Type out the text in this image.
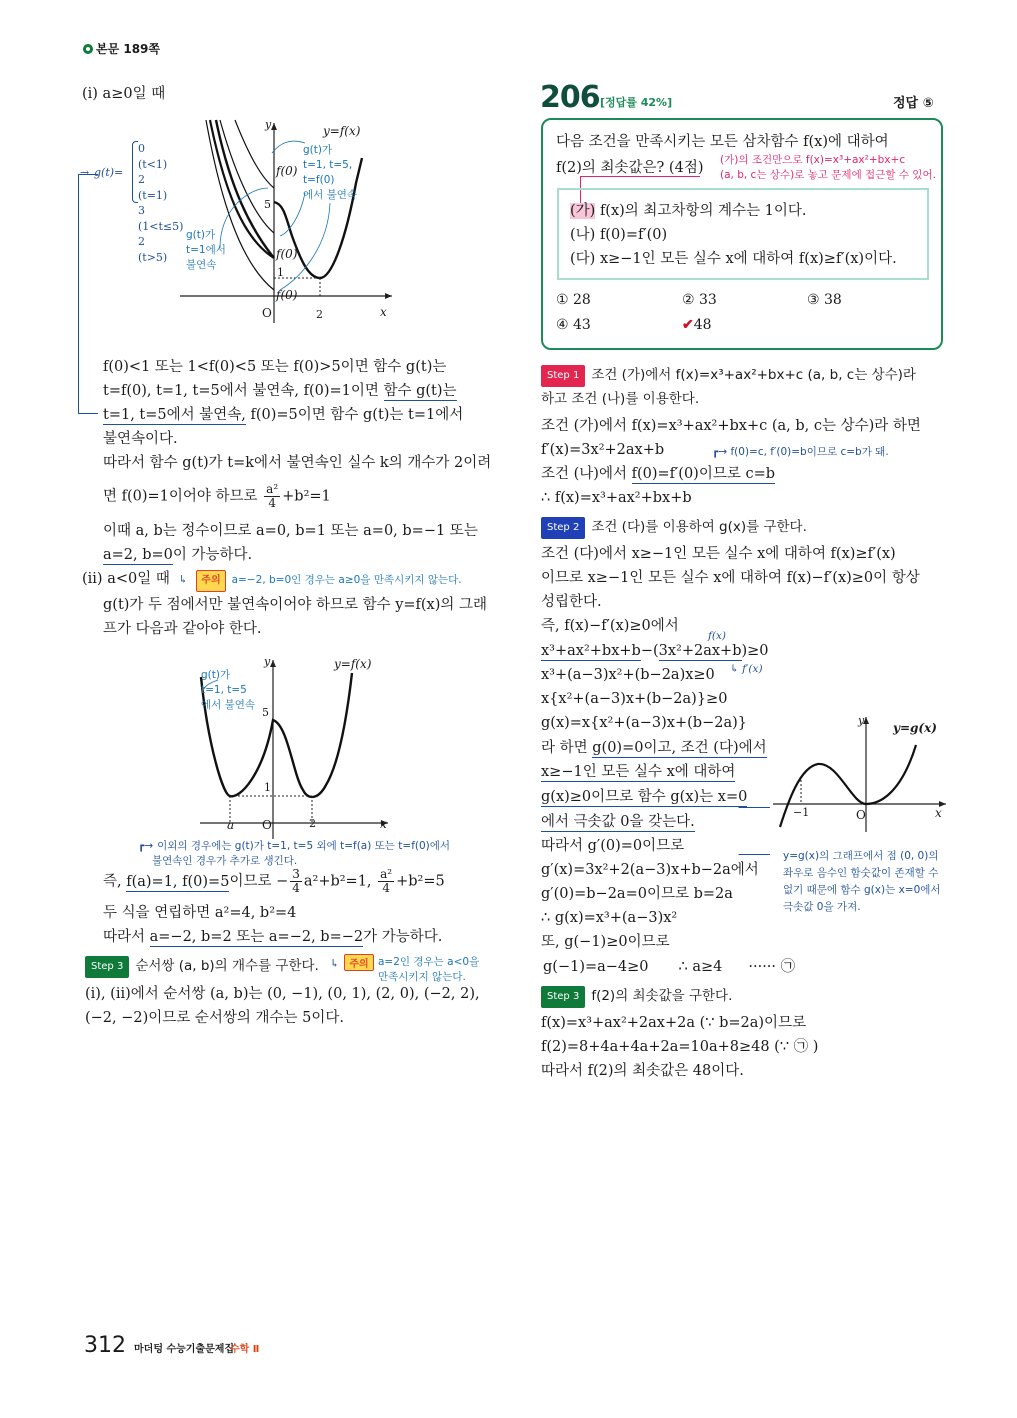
본문 189쪽
(i) a≥0일 때
y	y=f(x)
x
O	2
5
1
f(0)
f(0)
f(0)
g(t)가
t=1, t=5,
t=f(0)
에서 불연속
g(t)가
t=1에서
불연속
→ g(t)=
0(t<1)
2(t=1)
3(1<t≤5)
2(t>5)
f(0)<1 또는 1<f(0)<5 또는 f(0)>5이면 함수 g(t)는
t=f(0), t=1, t=5에서 불연속, f(0)=1이면 함수 g(t)는
t=1, t=5에서 불연속, f(0)=5이면 함수 g(t)는 t=1에서
불연속이다.
따라서 함수 g(t)가 t=k에서 불연속인 실수 k의 개수가 2이려
면 f(0)=1이어야 하므로 $\frac{\text{a²}}{4} +b^2=1$
이때 a, b는 정수이므로 a=0, b=1 또는 a=0, b=−1 또는
a=2, b=0이 가능하다.
(ii) a<0일 때 ↳ 주의 a=−2, b=0인 경우는 a≥0을 만족시키지 않는다.
g(t)가 두 점에서만 불연속이어야 하므로 함수 y=f(x)의 그래
프가 다음과 같아야 한다.
y	y=f(x)
x
O
a	2
5
1
g(t)가
t=1, t=5
에서 불연속
┏→ 이외의 경우에는 g(t)가 t=1, t=5 외에 t=f(a) 또는 t=f(0)에서
불연속인 경우가 추가로 생긴다.
즉, f(a)=1, f(0)=5이므로 − $\frac{3}{4} a^2+b^2=1$, $\frac{\text{a²}}{4} +b^2=5$
두 식을 연립하면 a²=4, b²=4
따라서 a=−2, b=2 또는 a=−2, b=−2가 가능하다.
Step 3 순서쌍 (a, b)의 개수를 구한다. ↳ 주의 a=2인 경우는 a<0을
만족시키지 않는다.
(i), (ii)에서 순서쌍 (a, b)는 (0, −1), (0, 1), (2, 0), (−2, 2),
(−2, −2)이므로 순서쌍의 개수는 5이다.
206 [정답률 42%]	정답 ⑤
다음 조건을 만족시키는 모든 삼차함수 f(x)에 대하여
f(2)의 최솟값은? (4점) (가)의 조건만으로 f(x)=x³+ax²+bx+c
(a, b, c는 상수)로 놓고 문제에 접근할 수 있어.
(가) f(x)의 최고차항의 계수는 1이다.
(나) f(0)=f′(0)
(다) x≥−1인 모든 실수 x에 대하여 f(x)≥f′(x)이다.
① 28	② 33	③ 38
④ 43	✔48
Step 1 조건 (가)에서 f(x)=x³+ax²+bx+c (a, b, c는 상수)라
하고 조건 (나)를 이용한다.
조건 (가)에서 f(x)=x³+ax²+bx+c (a, b, c는 상수)라 하면
f′(x)=3x²+2ax+b	┏→ f(0)=c, f′(0)=b이므로 c=b가 돼.
조건 (나)에서 f(0)=f′(0)이므로 c=b
∴ f(x)=x³+ax²+bx+b
Step 2 조건 (다)를 이용하여 g(x)를 구한다.
조건 (다)에서 x≥−1인 모든 실수 x에 대하여 f(x)≥f′(x)
이므로 x≥−1인 모든 실수 x에 대하여 f(x)−f′(x)≥0이 항상
성립한다.
즉, f(x)−f′(x)≥0에서
f(x)
x³+ax²+bx+b−(3x²+2ax+b)≥0
x³+(a−3)x²+(b−2a)x≥0 ↳ f′(x)
x{x²+(a−3)x+(b−2a)}≥0
g(x)=x{x²+(a−3)x+(b−2a)}
라 하면 g(0)=0이고, 조건 (다)에서
x≥−1인 모든 실수 x에 대하여
g(x)≥0이므로 함수 g(x)는 x=0
에서 극솟값 0을 갖는다.
따라서 g′(0)=0이므로
g′(x)=3x²+2(a−3)x+b−2a에서
g′(0)=b−2a=0이므로 b=2a
∴ g(x)=x³+(a−3)x²
또, g(−1)≥0이므로
g(−1)=a−4≥0 ∴ a≥4 ······ ㉠
y
y=g(x)
x
O
−1
y=g(x)의 그래프에서 점 (0, 0)의
좌우로 음수인 함숫값이 존재할 수
없기 때문에 함수 g(x)는 x=0에서
극솟값 0을 가져.
Step 3 f(2)의 최솟값을 구한다.
f(x)=x³+ax²+2ax+2a (∵ b=2a)이므로
f(2)=8+4a+4a+2a=10a+8≥48 (∵ ㉠ )
따라서 f(2)의 최솟값은 48이다.
312 마더텅 수능기출문제집
수학 Ⅱ
